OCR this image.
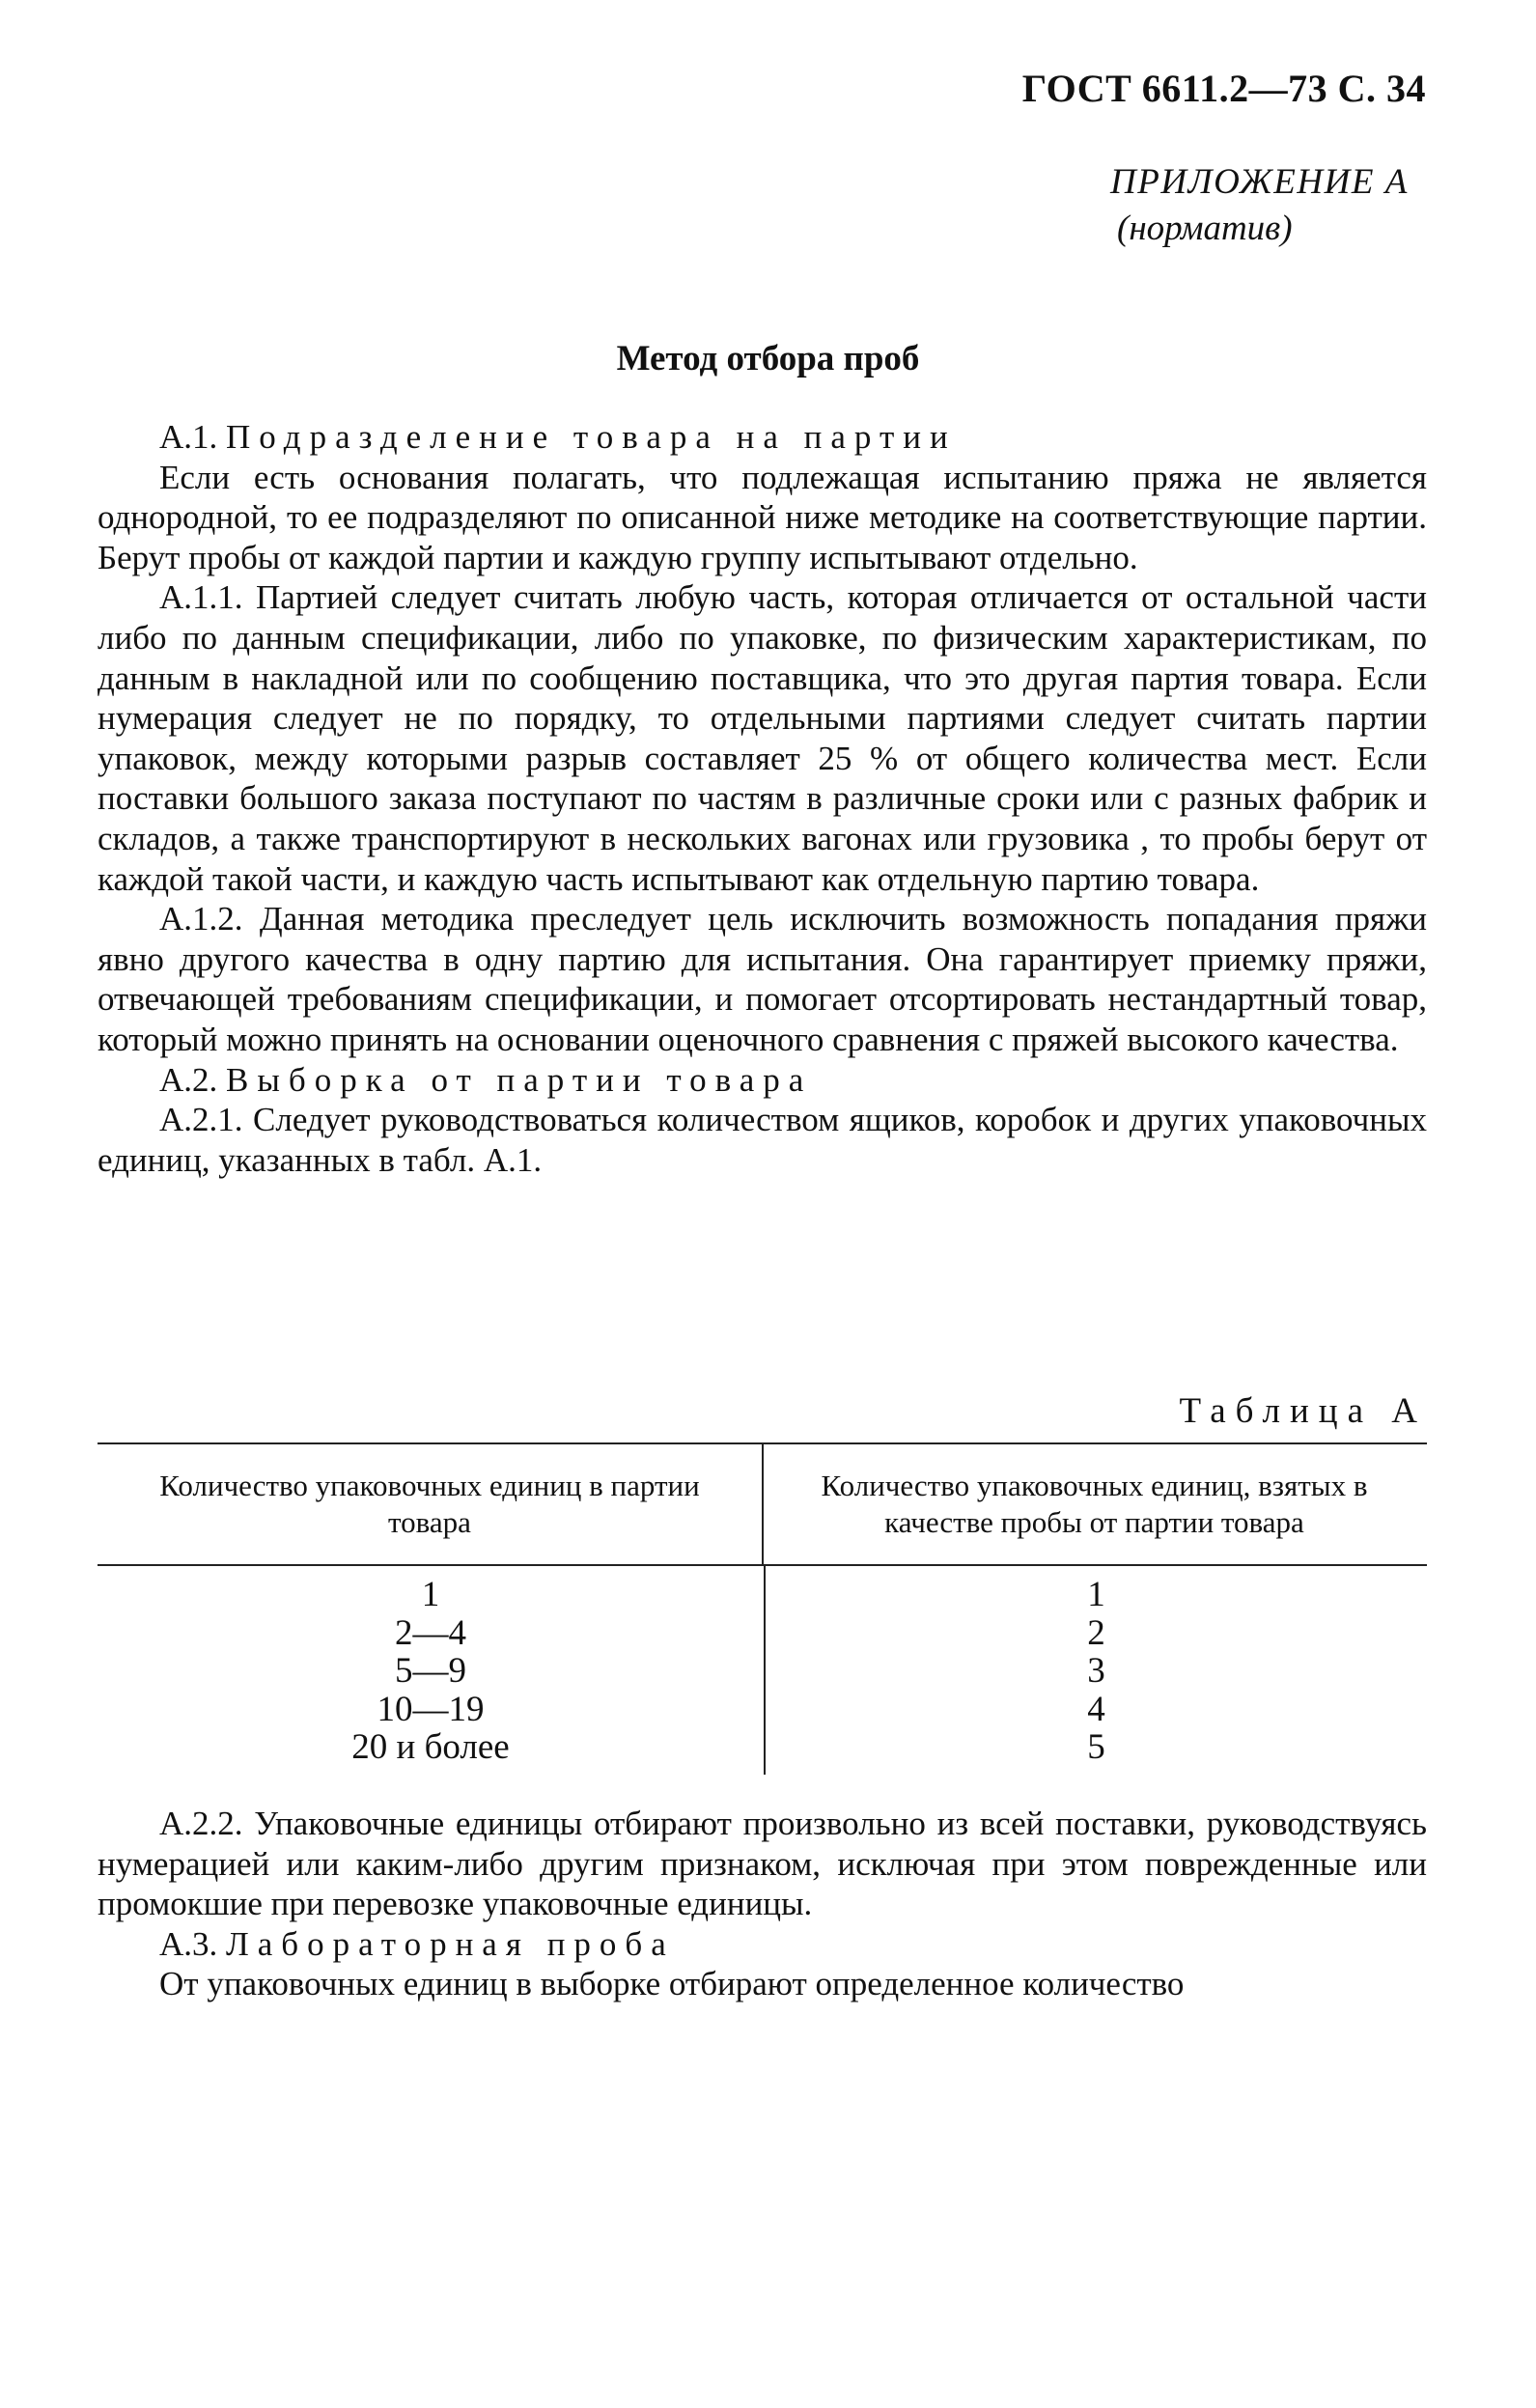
ГОСТ 6611.2—73 С. 34
ПРИЛОЖЕНИЕ А
(норматив)
Метод отбора проб

А.1. Подразделение товара на партии

Если есть основания полагать, что подлежащая испытанию пряжа не является однородной, то ее подразделяют по описанной ниже методике на соответствующие партии. Берут пробы от каждой партии и каждую группу испытывают отдельно.

А.1.1. Партией следует считать любую часть, которая отличается от остальной части либо по данным спецификации, либо по упаковке, по физическим характеристикам, по данным в накладной или по сообщению поставщика, что это другая партия товара. Если нумерация следует не по порядку, то отдельными партиями следует считать партии упаковок, между которыми разрыв составляет 25 % от общего количества мест. Если поставки большого заказа поступают по частям в различные сроки или с разных фабрик и складов, а также транспортируют в нескольких вагонах или грузовика , то пробы берут от каждой такой части, и каждую часть испытывают как отдельную партию товара.

А.1.2. Данная методика преследует цель исключить возможность попадания пряжи явно другого качества в одну партию для испытания. Она гарантирует приемку пряжи, отвечающей требованиям спецификации, и помогает отсортировать нестандартный товар, который можно принять на основании оценочного сравнения с пряжей высокого качества.

А.2. Выборка от партии товара

А.2.1. Следует руководствоваться количеством ящиков, коробок и других упаковочных единиц, указанных в табл. А.1.

Таблица А
Количество упаковочных единиц в партии товара
Количество упаковочных единиц, взятых в качестве пробы от партии товара
1
2—4
5—9
10—19
20 и более
1
2
3
4
5

А.2.2. Упаковочные единицы отбирают произвольно из всей поставки, руководствуясь нумерацией или каким-либо другим признаком, исключая при этом поврежденные или промокшие при перевозке упаковочные единицы.

А.3. Лабораторная проба

От упаковочных единиц в выборке отбирают определенное количество
